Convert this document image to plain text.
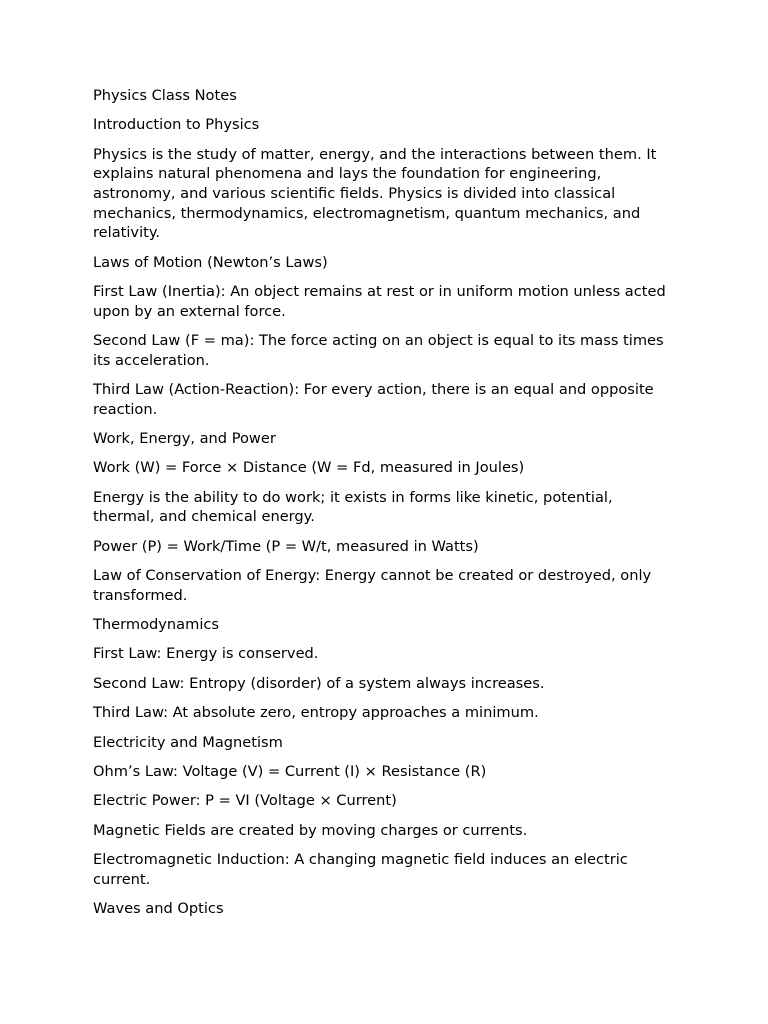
Physics Class Notes

Introduction to Physics

Physics is the study of matter, energy, and the interactions between them. It explains natural phenomena and lays the foundation for engineering, astronomy, and various scientific fields. Physics is divided into classical mechanics, thermodynamics, electromagnetism, quantum mechanics, and relativity.

Laws of Motion (Newton’s Laws)

First Law (Inertia): An object remains at rest or in uniform motion unless acted upon by an external force.

Second Law (F = ma): The force acting on an object is equal to its mass times its acceleration.

Third Law (Action-Reaction): For every action, there is an equal and opposite reaction.

Work, Energy, and Power

Work (W) = Force × Distance (W = Fd, measured in Joules)

Energy is the ability to do work; it exists in forms like kinetic, potential, thermal, and chemical energy.

Power (P) = Work/Time (P = W/t, measured in Watts)

Law of Conservation of Energy: Energy cannot be created or destroyed, only transformed.

Thermodynamics

First Law: Energy is conserved.

Second Law: Entropy (disorder) of a system always increases.

Third Law: At absolute zero, entropy approaches a minimum.

Electricity and Magnetism

Ohm’s Law: Voltage (V) = Current (I) × Resistance (R)

Electric Power: P = VI (Voltage × Current)

Magnetic Fields are created by moving charges or currents.

Electromagnetic Induction: A changing magnetic field induces an electric current.

Waves and Optics
